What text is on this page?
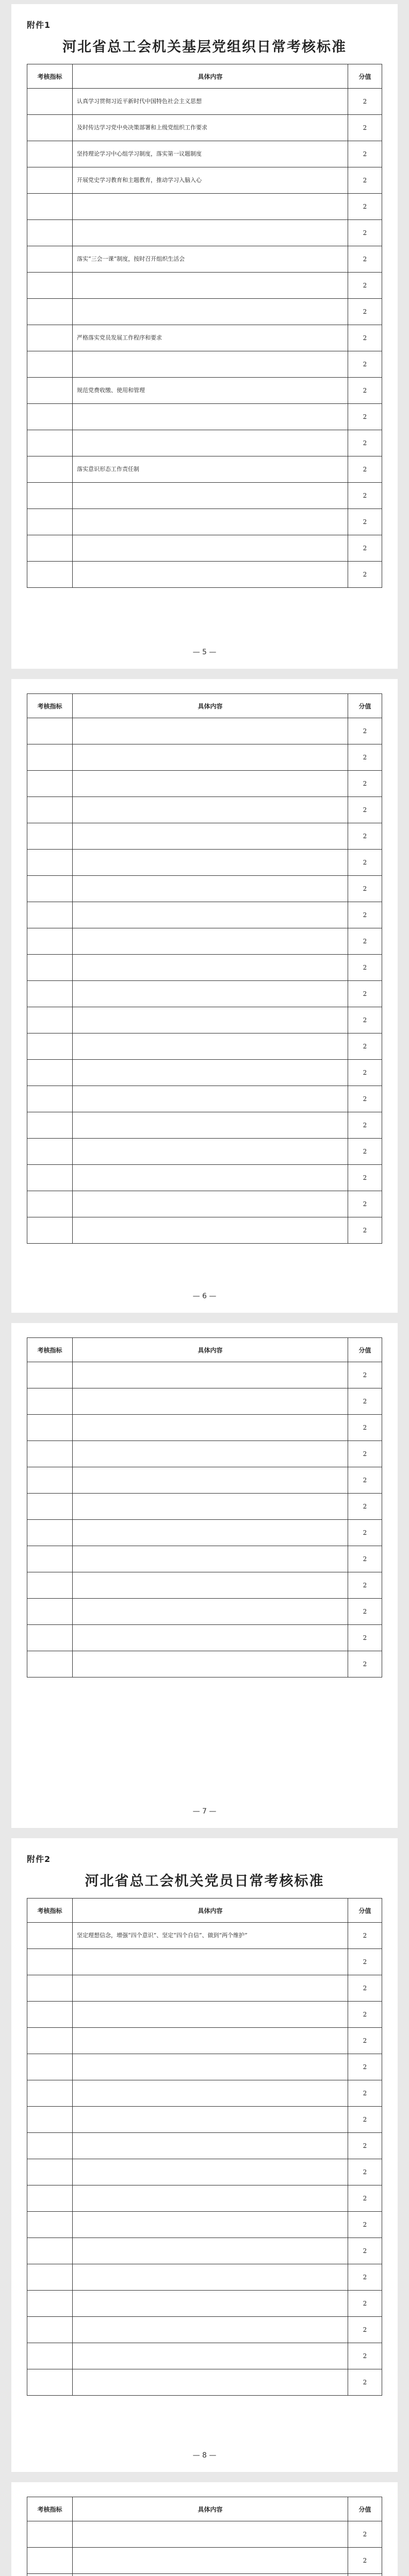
附件1
河北省总工会机关基层党组织日常考核标准
考核指标	具体内容	分值
	认真学习贯彻习近平新时代中国特色社会主义思想	2
	及时传达学习党中央决策部署和上级党组织工作要求	2
	坚持理论学习中心组学习制度，落实第一议题制度	2
	开展党史学习教育和主题教育，推动学习入脑入心	2
		2
		2
	落实“三会一课”制度，按时召开组织生活会	2
		2
		2
	严格落实党员发展工作程序和要求	2
		2
	规范党费收缴、使用和管理	2
		2
		2
	落实意识形态工作责任制	2
		2
		2
		2
		2
— 5 —
考核指标	具体内容	分值
		2
		2
		2
		2
		2
		2
		2
		2
		2
		2
		2
		2
		2
		2
		2
		2
		2
		2
		2
		2
— 6 —
考核指标	具体内容	分值
		2
		2
		2
		2
		2
		2
		2
		2
		2
		2
		2
		2
— 7 —
附件2
河北省总工会机关党员日常考核标准
考核指标	具体内容	分值
	坚定理想信念，增强“四个意识”、坚定“四个自信”、做到“两个维护”	2
		2
		2
		2
		2
		2
		2
		2
		2
		2
		2
		2
		2
		2
		2
		2
		2
		2
— 8 —
考核指标	具体内容	分值
		2
		2
